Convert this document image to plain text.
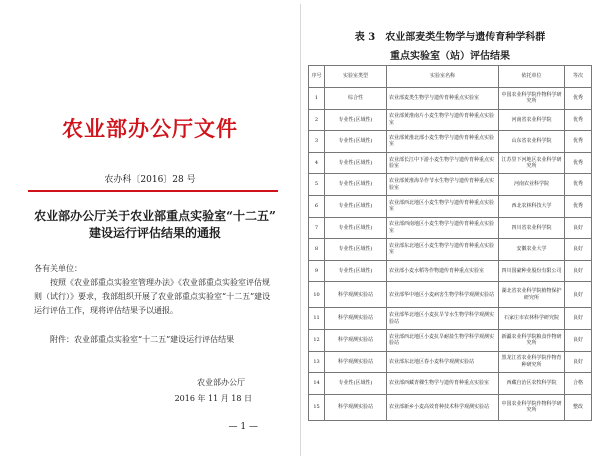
农业部办公厅文件
农办科〔2016〕28 号
农业部办公厅关于农业部重点实验室“十二五”
建设运行评估结果的通报
各有关单位：

按照《农业部重点实验室管理办法》《农业部重点实验室评估规则（试行）》要求，我部组织开展了农业部重点实验室“十二五”建设运行评估工作，现将评估结果予以通报。

附件：农业部重点实验室“十二五”建设运行评估结果
农业部办公厅
2016 年 11 月 18 日
— 1 —
表 3　农业部麦类生物学与遗传育种学科群
重点实验室（站）评估结果
序号	实验室类型	实验室名称	依托单位	等次
1	综合性	农业部麦类生物学与遗传育种重点实验室	中国农业科学院作物科学研究所	优秀
2	专业性(区域性)	农业部黄淮南片小麦生物学与遗传育种重点实验室	河南省农业科学院	优秀
3	专业性(区域性)	农业部黄淮北部小麦生物学与遗传育种重点实验室	山东省农业科学院	优秀
4	专业性(区域性)	农业部长江中下游小麦生物学与遗传育种重点实验室	江苏里下河地区农业科学研究所	优秀
5	专业性(区域性)	农业部黄淮海旱作节水生物学与遗传育种重点实验室	河南农业科学院	优秀
6	专业性(区域性)	农业部西北地区小麦生物学与遗传育种重点实验室	西北农林科技大学	优秀
7	专业性(区域性)	农业部西南地区小麦生物学与遗传育种重点实验室	四川省农业科学院	良好
8	专业性(区域性)	农业部东北地区小麦生物学与遗传育种重点实验室	安徽农业大学	良好
9	专业性(区域性)	农业部小麦水稻等作物遗传育种重点实验室	四川国豪种业股份有限公司	良好
10	科学观测实验站	农业部华中地区小麦病害生物学科学观测实验站	湖北省农业科学院植物保护研究所	良好
11	科学观测实验站	农业部华北地区小麦抗旱节水生物学科学观测实验站	石家庄市农林科学研究院	良好
12	科学观测实验站	农业部西北地区小麦抗旱耐盐生物学科学观测实验站	新疆农业科学院粮食作物研究所	良好
13	科学观测实验站	农业部东北地区春小麦科学观测实验站	黑龙江省农业科学院作物育种研究所	良好
14	专业性(区域性)	农业部西藏青稞生物学与遗传育种重点实验室	西藏自治区农牧科学院	合格
15	科学观测实验站	农业部新乡小麦高效育种技术科学观测实验站	中国农业科学院作物科学研究所	整改
